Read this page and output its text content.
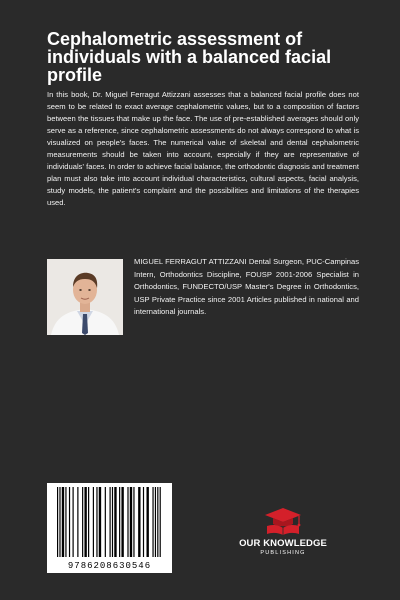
Cephalometric assessment of individuals with a balanced facial profile

In this book, Dr. Miguel Ferragut Attizzani assesses that a balanced facial profile does not seem to be related to exact average cephalometric values, but to a composition of factors between the tissues that make up the face. The use of pre-established averages should only serve as a reference, since cephalometric assessments do not always correspond to what is visualized on people's faces. The numerical value of skeletal and dental cephalometric measurements should be taken into account, especially if they are representative of individuals' faces. In order to achieve facial balance, the orthodontic diagnosis and treatment plan must also take into account individual characteristics, cultural aspects, facial analysis, study models, the patient's complaint and the possibilities and limitations of the therapies used.

MIGUEL FERRAGUT ATTIZZANI Dental Surgeon, PUC-Campinas Intern, Orthodontics Discipline, FOUSP 2001-2006 Specialist in Orthodontics, FUNDECTO/USP Master's Degree in Orthodontics, USP Private Practice since 2001 Articles published in national and international journals.

9786208630546
OUR KNOWLEDGE
PUBLISHING
